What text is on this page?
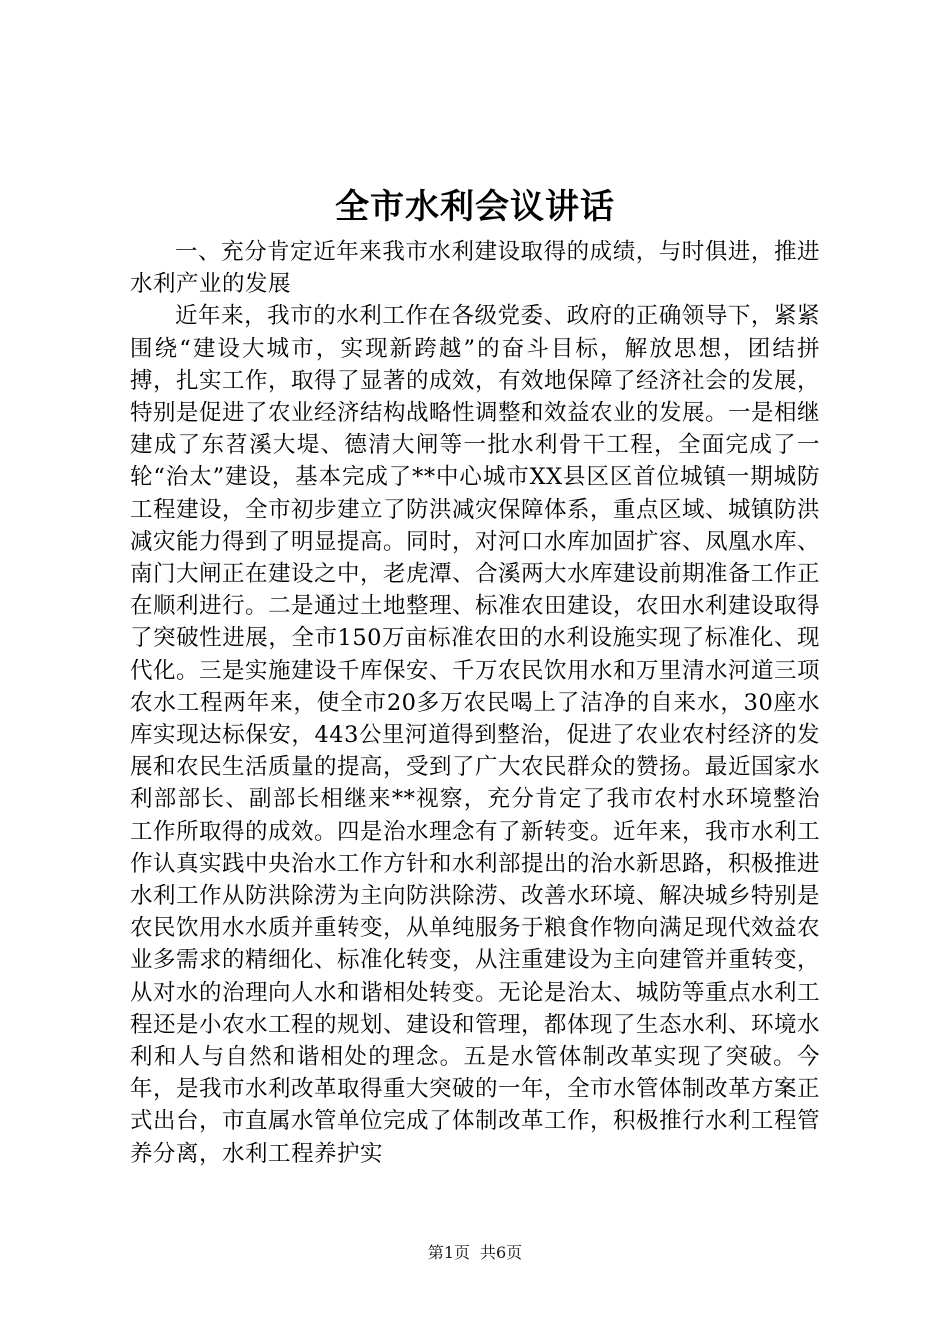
全市水利会议讲话

一、充分肯定近年来我市水利建设取得的成绩，与时俱进，推进水利产业的发展

近年来，我市的水利工作在各级党委、政府的正确领导下，紧紧围绕“建设大城市，实现新跨越”的奋斗目标，解放思想，团结拼搏，扎实工作，取得了显著的成效，有效地保障了经济社会的发展，特别是促进了农业经济结构战略性调整和效益农业的发展。一是相继建成了东苕溪大堤、德清大闸等一批水利骨干工程，全面完成了一轮“治太”建设，基本完成了**中心城市XX县区区首位城镇一期城防工程建设，全市初步建立了防洪减灾保障体系，重点区域、城镇防洪减灾能力得到了明显提高。同时，对河口水库加固扩容、凤凰水库、南门大闸正在建设之中，老虎潭、合溪两大水库建设前期准备工作正在顺利进行。二是通过土地整理、标准农田建设，农田水利建设取得了突破性进展，全市150万亩标准农田的水利设施实现了标准化、现代化。三是实施建设千库保安、千万农民饮用水和万里清水河道三项农水工程两年来，使全市20多万农民喝上了洁净的自来水，30座水库实现达标保安，443公里河道得到整治，促进了农业农村经济的发展和农民生活质量的提高，受到了广大农民群众的赞扬。最近国家水利部部长、副部长相继来**视察，充分肯定了我市农村水环境整治工作所取得的成效。四是治水理念有了新转变。近年来，我市水利工作认真实践中央治水工作方针和水利部提出的治水新思路，积极推进水利工作从防洪除涝为主向防洪除涝、改善水环境、解决城乡特别是农民饮用水水质并重转变，从单纯服务于粮食作物向满足现代效益农业多需求的精细化、标准化转变，从注重建设为主向建管并重转变，从对水的治理向人水和谐相处转变。无论是治太、城防等重点水利工程还是小农水工程的规划、建设和管理，都体现了生态水利、环境水利和人与自然和谐相处的理念。五是水管体制改革实现了突破。今年，是我市水利改革取得重大突破的一年，全市水管体制改革方案正式出台，市直属水管单位完成了体制改革工作，积极推行水利工程管养分离，水利工程养护实

第1页 共6页
